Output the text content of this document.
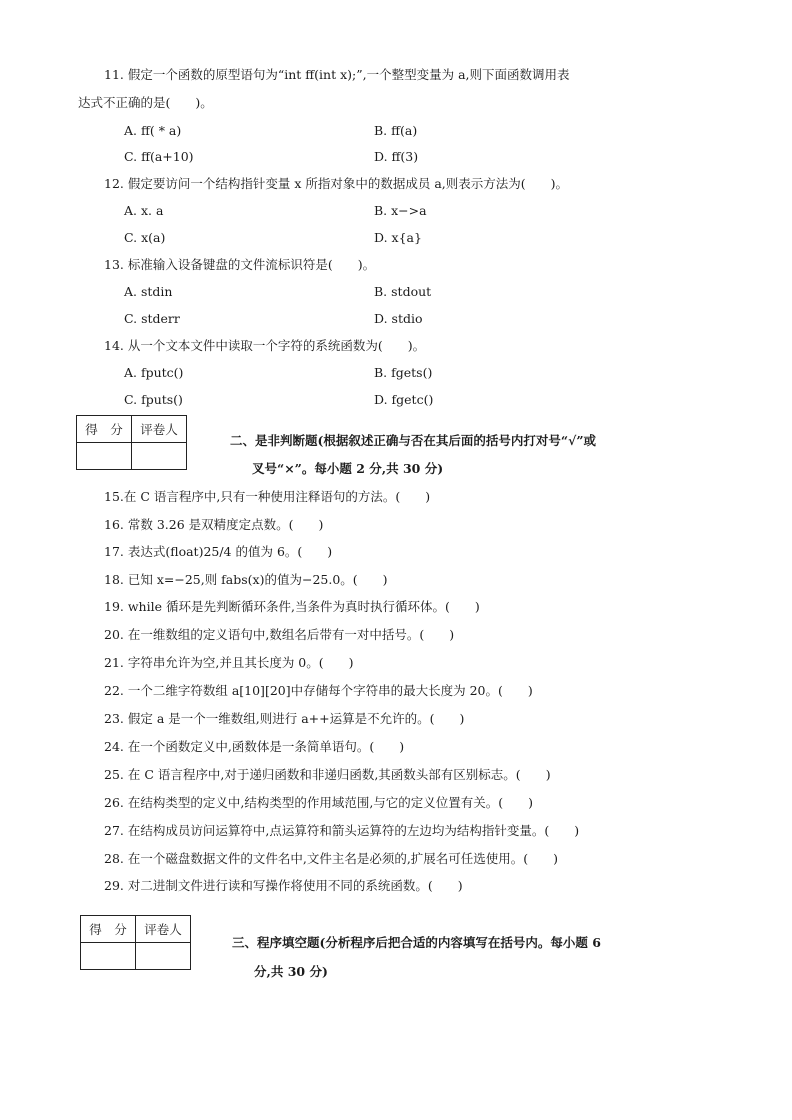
11. 假定一个函数的原型语句为“int ff(int x);”,一个整型变量为 a,则下面函数调用表
达式不正确的是(　　)。
A. ff( * a)	B. ff(a)
C. ff(a+10)	D. ff(3)
12. 假定要访问一个结构指针变量 x 所指对象中的数据成员 a,则表示方法为(　　)。
A. x. a	B. x−>a
C. x(a)	D. x{a}
13. 标准输入设备键盘的文件流标识符是(　　)。
A. stdin	B. stdout
C. stderr	D. stdio
14. 从一个文本文件中读取一个字符的系统函数为(　　)。
A. fputc()	B. fgets()
C. fputs()	D. fgetc()
得　分	评卷人

二、是非判断题(根据叙述正确与否在其后面的括号内打对号“√”或
叉号“×”。每小题 2 分,共 30 分)
15.在 C 语言程序中,只有一种使用注释语句的方法。(　　)
16. 常数 3.26 是双精度定点数。(　　)
17. 表达式(float)25/4 的值为 6。(　　)
18. 已知 x=−25,则 fabs(x)的值为−25.0。(　　)
19. while 循环是先判断循环条件,当条件为真时执行循环体。(　　)
20. 在一维数组的定义语句中,数组名后带有一对中括号。(　　)
21. 字符串允许为空,并且其长度为 0。(　　)
22. 一个二维字符数组 a[10][20]中存储每个字符串的最大长度为 20。(　　)
23. 假定 a 是一个一维数组,则进行 a++运算是不允许的。(　　)
24. 在一个函数定义中,函数体是一条简单语句。(　　)
25. 在 C 语言程序中,对于递归函数和非递归函数,其函数头部有区别标志。(　　)
26. 在结构类型的定义中,结构类型的作用域范围,与它的定义位置有关。(　　)
27. 在结构成员访问运算符中,点运算符和箭头运算符的左边均为结构指针变量。(　　)
28. 在一个磁盘数据文件的文件名中,文件主名是必须的,扩展名可任选使用。(　　)
29. 对二进制文件进行读和写操作将使用不同的系统函数。(　　)
得　分	评卷人

三、程序填空题(分析程序后把合适的内容填写在括号内。每小题 6
分,共 30 分)
